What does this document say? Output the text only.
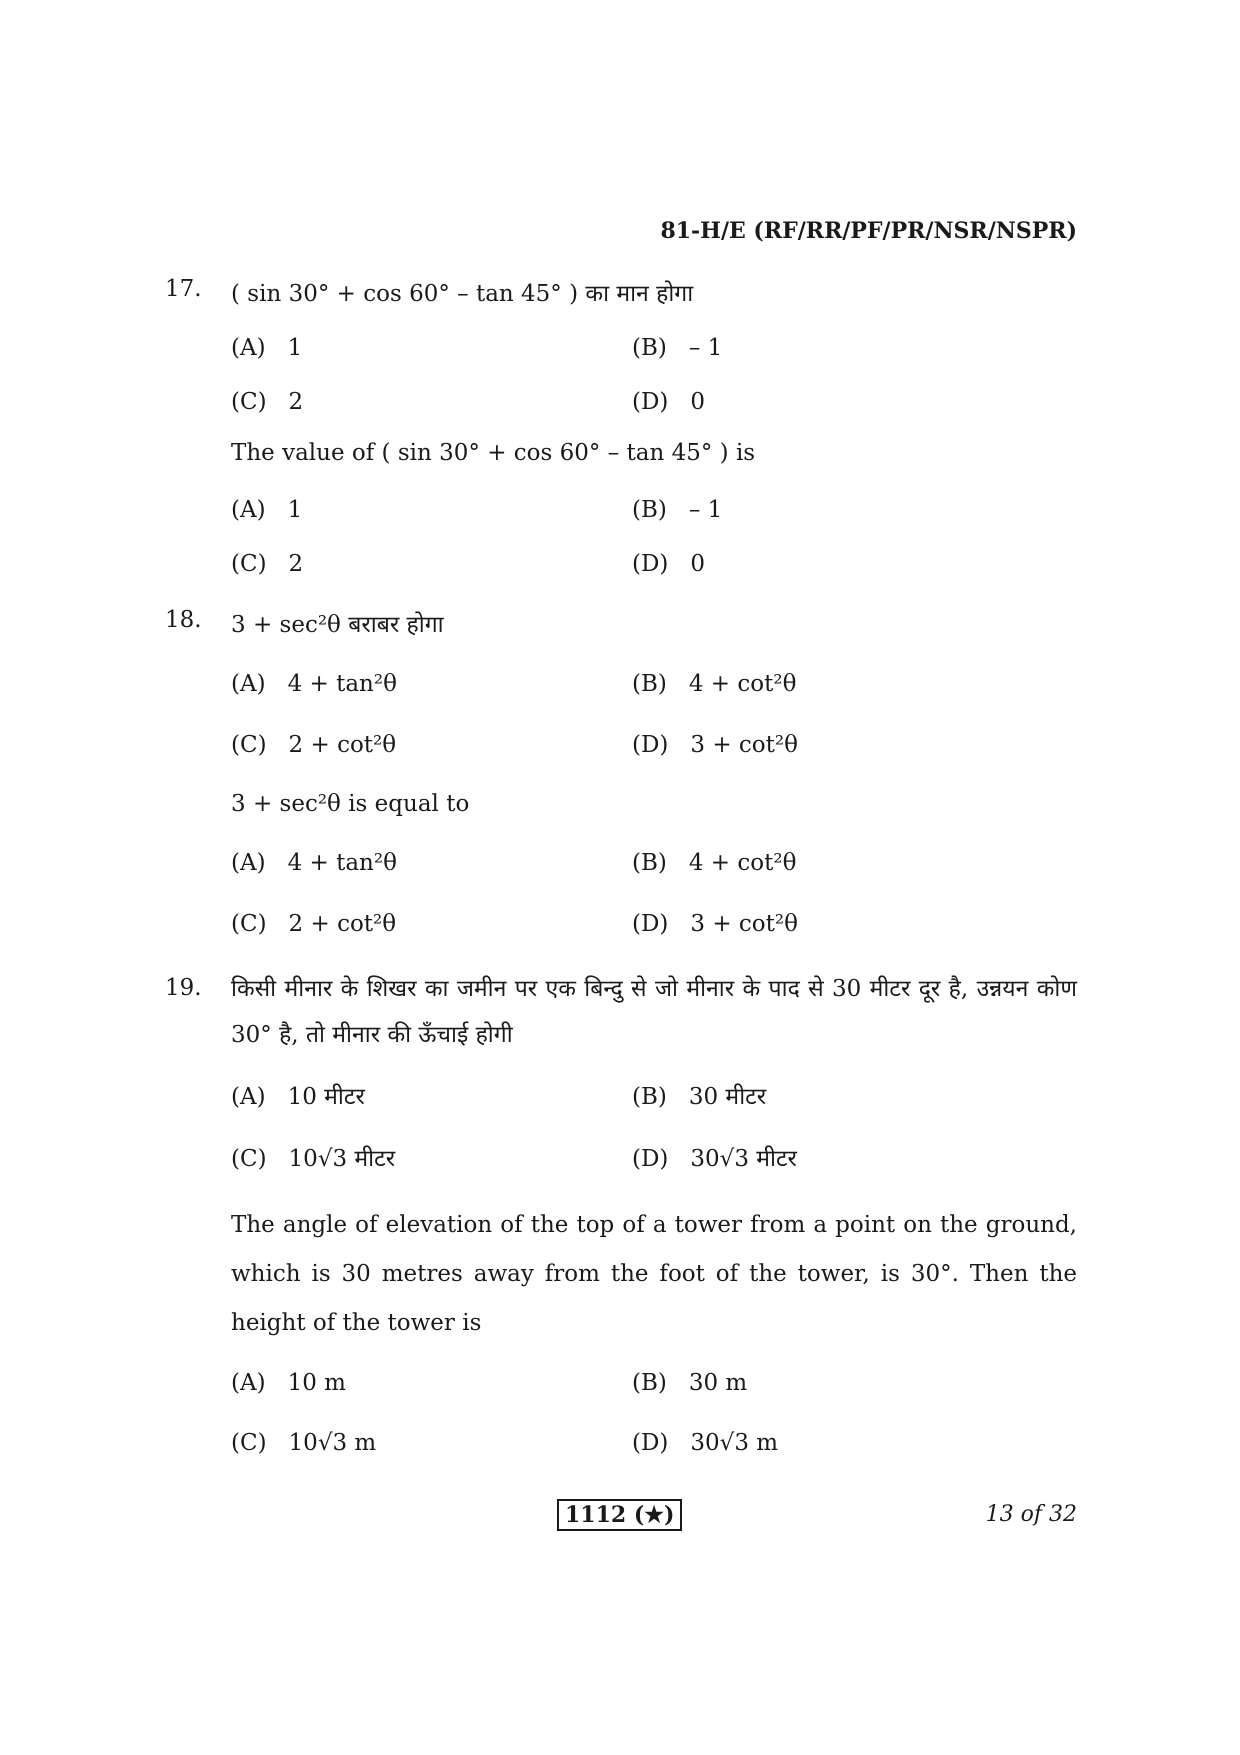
81-H/E (RF/RR/PF/PR/NSR/NSPR)
17. ( sin 30° + cos 60° – tan 45° ) का मान होगा
(A) 1	(B) – 1
(C) 2	(D) 0
The value of ( sin 30° + cos 60° – tan 45° ) is
(A) 1	(B) – 1
(C) 2	(D) 0
18. 3 + sec²θ बराबर होगा
(A) 4 + tan²θ	(B) 4 + cot²θ
(C) 2 + cot²θ	(D) 3 + cot²θ
3 + sec²θ is equal to
(A) 4 + tan²θ	(B) 4 + cot²θ
(C) 2 + cot²θ	(D) 3 + cot²θ
19. किसी मीनार के शिखर का जमीन पर एक बिन्दु से जो मीनार के पाद से 30 मीटर दूर है, उन्नयन कोण 30° है, तो मीनार की ऊँचाई होगी
(A) 10 मीटर	(B) 30 मीटर
(C) 10√3 मीटर	(D) 30√3 मीटर
The angle of elevation of the top of a tower from a point on the ground, which is 30 metres away from the foot of the tower, is 30°. Then the height of the tower is
(A) 10 m	(B) 30 m
(C) 10√3 m	(D) 30√3 m
1112 (★)	13 of 32
